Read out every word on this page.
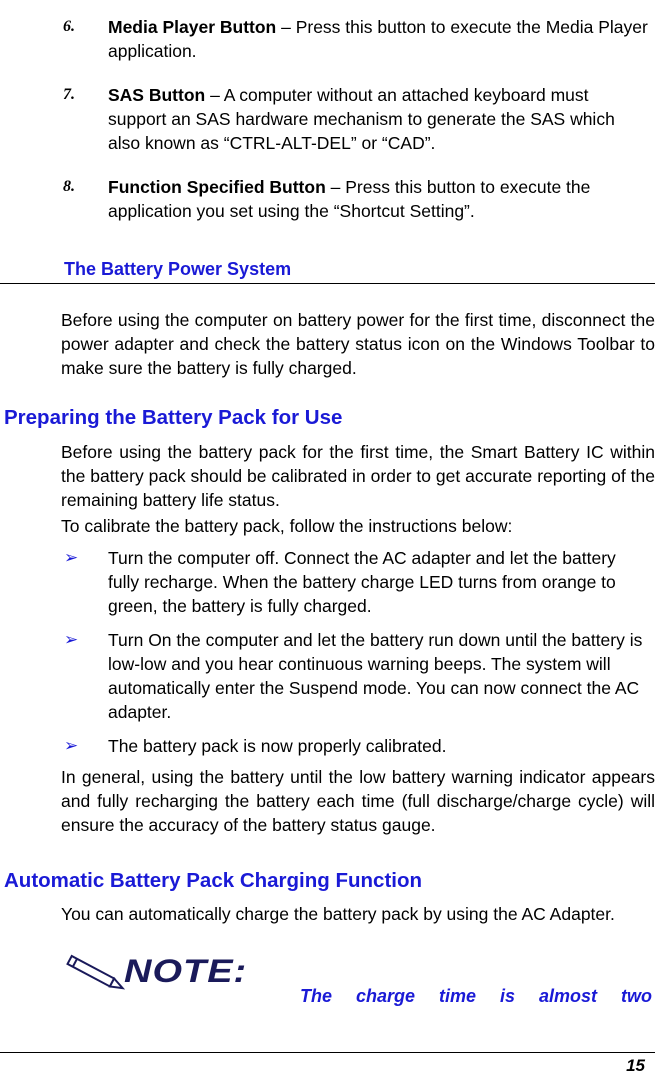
6. Media Player Button – Press this button to execute the Media Player application.
7. SAS Button – A computer without an attached keyboard must support an SAS hardware mechanism to generate the SAS which also known as “CTRL-ALT-DEL” or “CAD”.
8. Function Specified Button – Press this button to execute the application you set using the “Shortcut Setting”.
The Battery Power System
Before using the computer on battery power for the first time, disconnect the power adapter and check the battery status icon on the Windows Toolbar to make sure the battery is fully charged.
Preparing the Battery Pack for Use
Before using the battery pack for the first time, the Smart Battery IC within the battery pack should be calibrated in order to get accurate reporting of the remaining battery life status.
To calibrate the battery pack, follow the instructions below:
➢ Turn the computer off. Connect the AC adapter and let the battery fully recharge. When the battery charge LED turns from orange to green, the battery is fully charged.
➢ Turn On the computer and let the battery run down until the battery is low-low and you hear continuous warning beeps. The system will automatically enter the Suspend mode. You can now connect the AC adapter.
➢ The battery pack is now properly calibrated.
In general, using the battery until the low battery warning indicator appears and fully recharging the battery each time (full discharge/charge cycle) will ensure the accuracy of the battery status gauge.
Automatic Battery Pack Charging Function
You can automatically charge the battery pack by using the AC Adapter.
NOTE:
The charge time is almost two
15
